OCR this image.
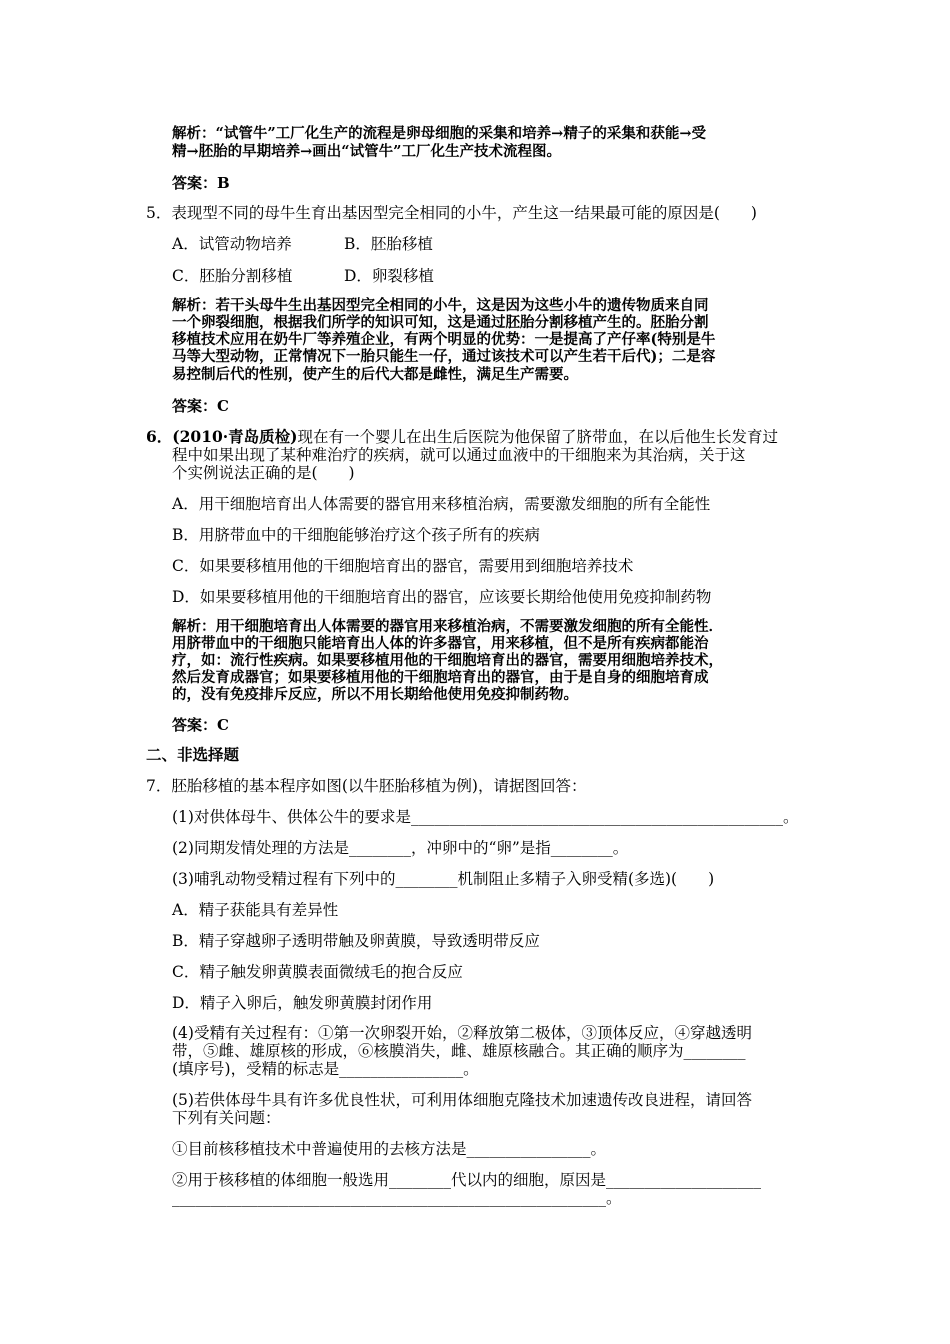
解析：“试管牛”工厂化生产的流程是卵母细胞的采集和培养→精子的采集和获能→受
精→胚胎的早期培养→画出“试管牛”工厂化生产技术流程图。
答案：B
5．表现型不同的母牛生育出基因型完全相同的小牛，产生这一结果最可能的原因是(　　)
A．试管动物培养	B．胚胎移植
C．胚胎分割移植	D．卵裂移植
解析：若干头母牛生出基因型完全相同的小牛，这是因为这些小牛的遗传物质来自同
一个卵裂细胞，根据我们所学的知识可知，这是通过胚胎分割移植产生的。胚胎分割
移植技术应用在奶牛厂等养殖企业，有两个明显的优势：一是提高了产仔率(特别是牛
马等大型动物，正常情况下一胎只能生一仔，通过该技术可以产生若干后代)；二是容
易控制后代的性别，使产生的后代大都是雌性，满足生产需要。
答案：C
6．(2010·青岛质检)现在有一个婴儿在出生后医院为他保留了脐带血，在以后他生长发育过
程中如果出现了某种难治疗的疾病，就可以通过血液中的干细胞来为其治病，关于这
个实例说法正确的是(　　)
A．用干细胞培育出人体需要的器官用来移植治病，需要激发细胞的所有全能性
B．用脐带血中的干细胞能够治疗这个孩子所有的疾病
C．如果要移植用他的干细胞培育出的器官，需要用到细胞培养技术
D．如果要移植用他的干细胞培育出的器官，应该要长期给他使用免疫抑制药物
解析：用干细胞培育出人体需要的器官用来移植治病，不需要激发细胞的所有全能性．
用脐带血中的干细胞只能培育出人体的许多器官，用来移植，但不是所有疾病都能治
疗，如：流行性疾病。如果要移植用他的干细胞培育出的器官，需要用细胞培养技术，
然后发育成器官；如果要移植用他的干细胞培育出的器官，由于是自身的细胞培育成
的，没有免疫排斥反应，所以不用长期给他使用免疫抑制药物。
答案：C
二、非选择题
7．胚胎移植的基本程序如图(以牛胚胎移植为例)，请据图回答：
(1)对供体母牛、供体公牛的要求是________________________________________________。
(2)同期发情处理的方法是________，冲卵中的“卵”是指________。
(3)哺乳动物受精过程有下列中的________机制阻止多精子入卵受精(多选)(　　)
A．精子获能具有差异性
B．精子穿越卵子透明带触及卵黄膜，导致透明带反应
C．精子触发卵黄膜表面微绒毛的抱合反应
D．精子入卵后，触发卵黄膜封闭作用
(4)受精有关过程有：①第一次卵裂开始，②释放第二极体，③顶体反应，④穿越透明
带，⑤雌、雄原核的形成，⑥核膜消失，雌、雄原核融合。其正确的顺序为________
(填序号)，受精的标志是________________。
(5)若供体母牛具有许多优良性状，可利用体细胞克隆技术加速遗传改良进程，请回答
下列有关问题：
①目前核移植技术中普遍使用的去核方法是________________。
②用于核移植的体细胞一般选用________代以内的细胞，原因是____________________
________________________________________________________。
